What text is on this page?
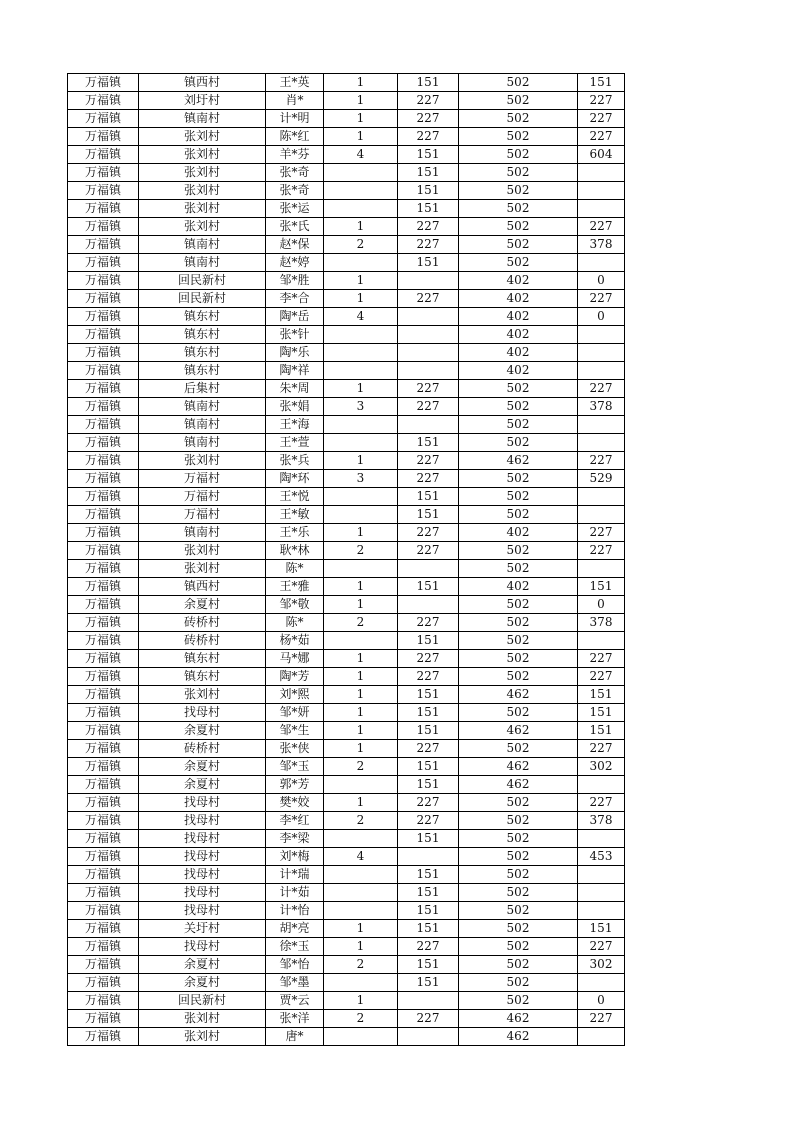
万福镇	镇西村	王*英	1	151	502	151
万福镇	刘圩村	肖*	1	227	502	227
万福镇	镇南村	计*明	1	227	502	227
万福镇	张刘村	陈*红	1	227	502	227
万福镇	张刘村	羊*芬	4	151	502	604
万福镇	张刘村	张*奇		151	502	
万福镇	张刘村	张*奇		151	502	
万福镇	张刘村	张*运		151	502	
万福镇	张刘村	张*氏	1	227	502	227
万福镇	镇南村	赵*保	2	227	502	378
万福镇	镇南村	赵*婷		151	502	
万福镇	回民新村	邹*胜	1		402	0
万福镇	回民新村	李*合	1	227	402	227
万福镇	镇东村	陶*岳	4		402	0
万福镇	镇东村	张*针			402	
万福镇	镇东村	陶*乐			402	
万福镇	镇东村	陶*祥			402	
万福镇	后集村	朱*周	1	227	502	227
万福镇	镇南村	张*娟	3	227	502	378
万福镇	镇南村	王*海			502	
万福镇	镇南村	王*萱		151	502	
万福镇	张刘村	张*兵	1	227	462	227
万福镇	万福村	陶*环	3	227	502	529
万福镇	万福村	王*悦		151	502	
万福镇	万福村	王*敏		151	502	
万福镇	镇南村	王*乐	1	227	402	227
万福镇	张刘村	耿*林	2	227	502	227
万福镇	张刘村	陈*			502	
万福镇	镇西村	王*雅	1	151	402	151
万福镇	余夏村	邹*敬	1		502	0
万福镇	砖桥村	陈*	2	227	502	378
万福镇	砖桥村	杨*茹		151	502	
万福镇	镇东村	马*娜	1	227	502	227
万福镇	镇东村	陶*芳	1	227	502	227
万福镇	张刘村	刘*熙	1	151	462	151
万福镇	找母村	邹*妍	1	151	502	151
万福镇	余夏村	邹*生	1	151	462	151
万福镇	砖桥村	张*侠	1	227	502	227
万福镇	余夏村	邹*玉	2	151	462	302
万福镇	余夏村	郭*芳		151	462	
万福镇	找母村	樊*姣	1	227	502	227
万福镇	找母村	李*红	2	227	502	378
万福镇	找母村	李*梁		151	502	
万福镇	找母村	刘*梅	4		502	453
万福镇	找母村	计*瑞		151	502	
万福镇	找母村	计*茹		151	502	
万福镇	找母村	计*怡		151	502	
万福镇	关圩村	胡*亮	1	151	502	151
万福镇	找母村	徐*玉	1	227	502	227
万福镇	余夏村	邹*怡	2	151	502	302
万福镇	余夏村	邹*墨		151	502	
万福镇	回民新村	贾*云	1		502	0
万福镇	张刘村	张*洋	2	227	462	227
万福镇	张刘村	唐*			462	
